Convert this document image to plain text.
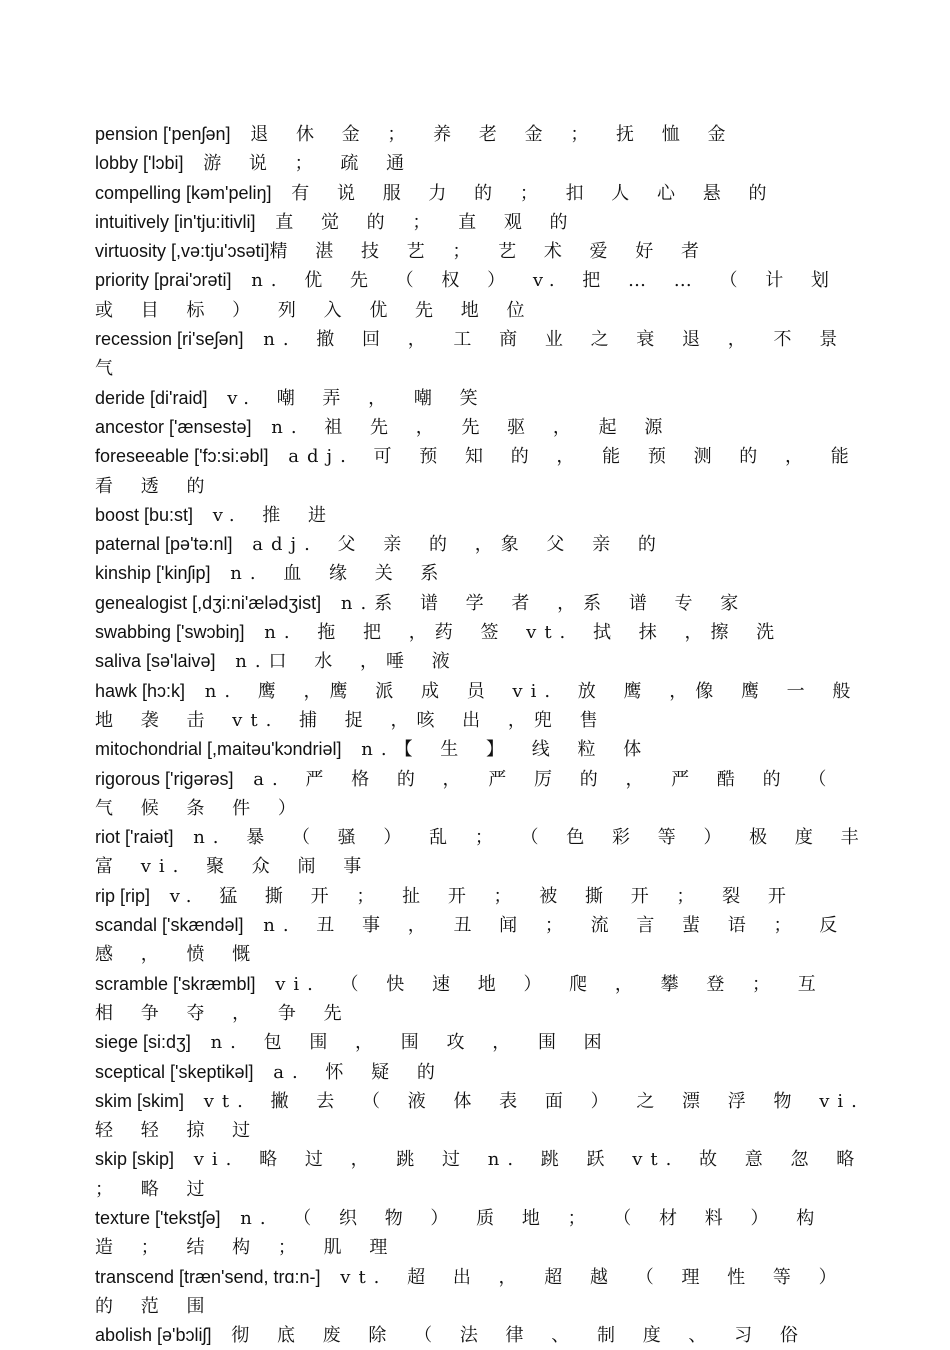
pension ['penʃən] 退 休 金 ； 养 老 金 ； 抚 恤 金

lobby ['lɔbi] 游 说 ； 疏 通

compelling [kəm'peliŋ] 有 说 服 力 的 ； 扣 人 心 悬 的

intuitively [in'tju:itivli] 直 觉 的 ； 直 观 的

virtuosity [,və:tju'ɔsəti]精 湛 技 艺 ； 艺 术 爱 好 者

priority [prai'ɔrəti] n. 优 先 （ 权 ） v. 把 … … （ 计 划 或 目 标 ） 列 入 优 先 地 位

recession [ri'seʃən] n. 撤 回 ， 工 商 业 之 衰 退 ， 不 景 气

deride [di'raid] v. 嘲 弄 ， 嘲 笑

ancestor ['ænsestə] n. 祖 先 ， 先 驱 ， 起 源

foreseeable ['fɔ:si:əbl] adj. 可 预 知 的 ， 能 预 测 的 ， 能 看 透 的

boost [bu:st] v. 推 进

paternal [pə'tə:nl] adj. 父 亲 的 ，象 父 亲 的

kinship ['kinʃip] n. 血 缘 关 系

genealogist [,dʒi:ni'ælədʒist] n.系 谱 学 者 ，系 谱 专 家

swabbing ['swɔbiŋ] n. 拖 把 ，药 签 vt. 拭 抹 ，擦 洗

saliva [sə'laivə] n.口 水 ，唾 液

hawk [hɔ:k] n. 鹰 ，鹰 派 成 员 vi. 放 鹰 ，像 鹰 一 般 地 袭 击 vt. 捕 捉 ，咳 出 ，兜 售

mitochondrial [,maitəu'kɔndriəl] n.【 生 】 线 粒 体

rigorous ['riɡərəs] a. 严 格 的 ， 严 厉 的 ， 严 酷 的 （ 气 候 条 件 ）

riot ['raiət] n. 暴 （ 骚 ） 乱 ； （ 色 彩 等 ） 极 度 丰 富 vi. 聚 众 闹 事

rip [rip] v. 猛 撕 开 ； 扯 开 ； 被 撕 开 ； 裂 开

scandal ['skændəl] n. 丑 事 ， 丑 闻 ； 流 言 蜚 语 ； 反 感 ， 愤 慨

scramble ['skræmbl] vi. （ 快 速 地 ） 爬 ， 攀 登 ； 互 相 争 夺 ， 争 先

siege [si:dʒ] n. 包 围 ， 围 攻 ， 围 困

sceptical ['skeptikəl] a. 怀 疑 的

skim [skim] vt. 撇 去 （ 液 体 表 面 ） 之 漂 浮 物 vi. 轻 轻 掠 过

skip [skip] vi. 略 过 ， 跳 过 n. 跳 跃 vt. 故 意 忽 略 ； 略 过

texture ['tekstʃə] n. （ 织 物 ） 质 地 ； （ 材 料 ） 构 造 ； 结 构 ； 肌 理

transcend [træn'send, trɑ:n-] vt. 超 出 ， 超 越 （ 理 性 等 ） 的 范 围

abolish [ə'bɔliʃ] 彻 底 废 除 （ 法 律 、 制 度 、 习 俗
